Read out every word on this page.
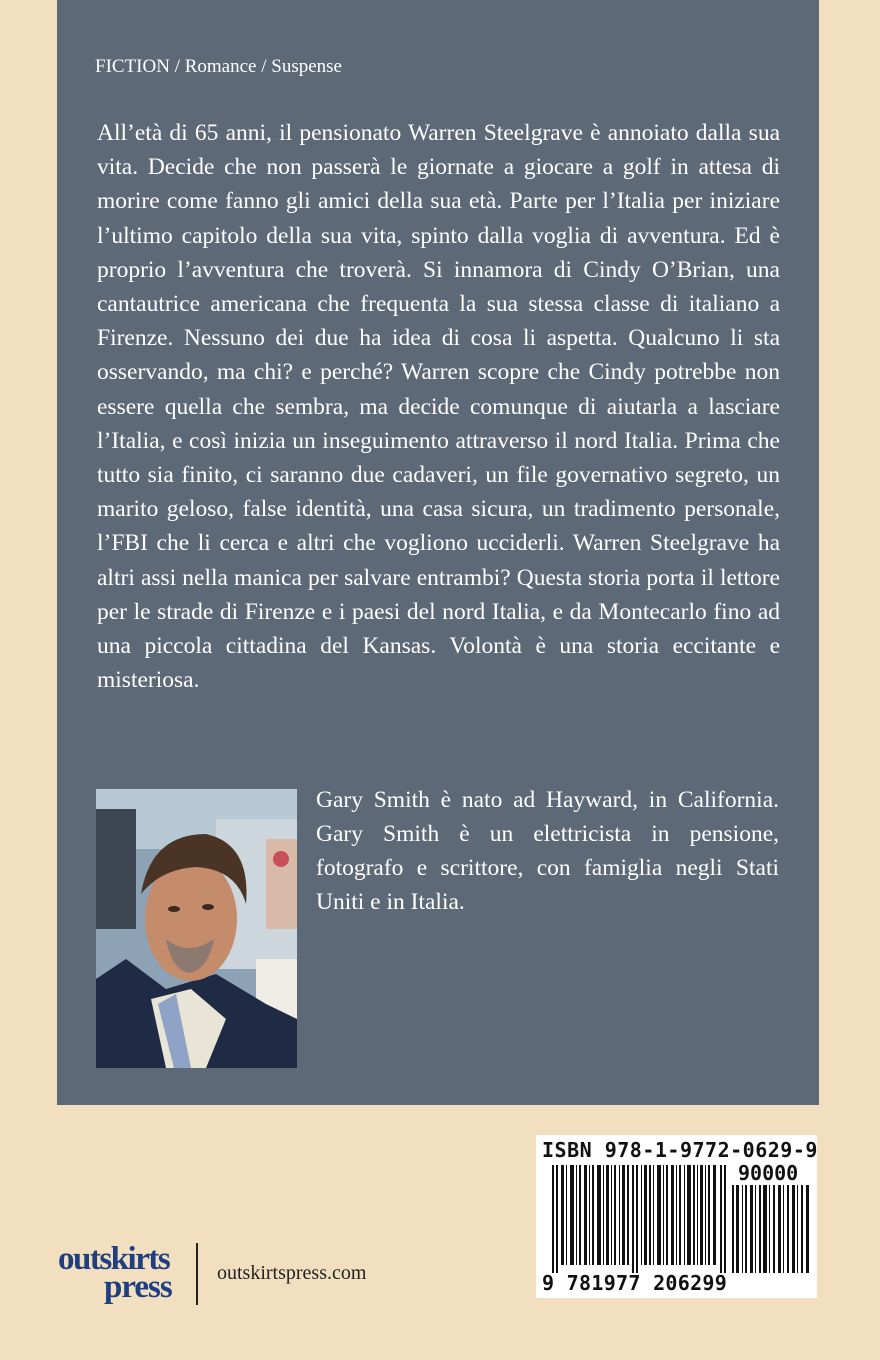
FICTION / Romance / Suspense

All’età di 65 anni, il pensionato Warren Steelgrave è annoiato dalla sua vita. Decide che non passerà le giornate a giocare a golf in attesa di morire come fanno gli amici della sua età. Parte per l’Italia per iniziare l’ultimo capitolo della sua vita, spinto dalla voglia di avventura. Ed è proprio l’avventura che troverà. Si innamora di Cindy O’Brian, una cantautrice americana che frequenta la sua stessa classe di italiano a Firenze. Nessuno dei due ha idea di cosa li aspetta. Qualcuno li sta osservando, ma chi? e perché? Warren scopre che Cindy potrebbe non essere quella che sembra, ma decide comunque di aiutarla a lasciare l’Italia, e così inizia un inseguimento attraverso il nord Italia. Prima che tutto sia finito, ci saranno due cadaveri, un file governativo segreto, un marito geloso, false identità, una casa sicura, un tradimento personale, l’FBI che li cerca e altri che vogliono ucciderli. Warren Steelgrave ha altri assi nella manica per salvare entrambi? Questa storia porta il lettore per le strade di Firenze e i paesi del nord Italia, e da Montecarlo fino ad una piccola cittadina del Kansas. Volontà è una storia eccitante e misteriosa.

Gary Smith è nato ad Hayward, in California. Gary Smith è un elettricista in pensione, fotografo e scrittore, con famiglia negli Stati Uniti e in Italia.

ISBN 978-1-9772-0629-9
90000
9 781977 206299
outskirts
press outskirtspress.com
